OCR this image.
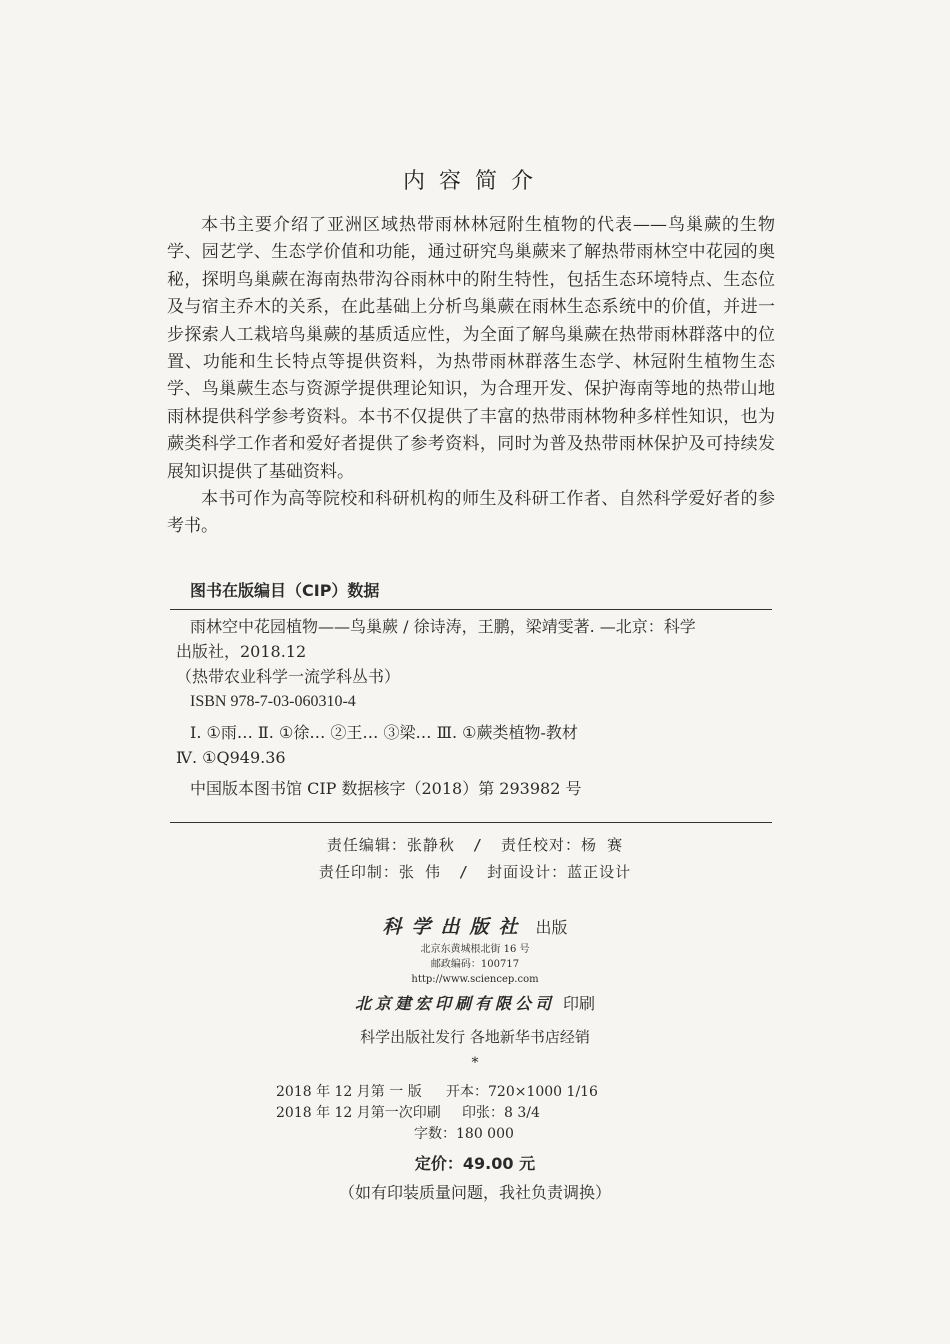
内容简介

本书主要介绍了亚洲区域热带雨林林冠附生植物的代表——鸟巢蕨的生物学、园艺学、生态学价值和功能，通过研究鸟巢蕨来了解热带雨林空中花园的奥秘，探明鸟巢蕨在海南热带沟谷雨林中的附生特性，包括生态环境特点、生态位及与宿主乔木的关系，在此基础上分析鸟巢蕨在雨林生态系统中的价值，并进一步探索人工栽培鸟巢蕨的基质适应性，为全面了解鸟巢蕨在热带雨林群落中的位置、功能和生长特点等提供资料，为热带雨林群落生态学、林冠附生植物生态学、鸟巢蕨生态与资源学提供理论知识，为合理开发、保护海南等地的热带山地雨林提供科学参考资料。本书不仅提供了丰富的热带雨林物种多样性知识，也为蕨类科学工作者和爱好者提供了参考资料，同时为普及热带雨林保护及可持续发展知识提供了基础资料。

本书可作为高等院校和科研机构的师生及科研工作者、自然科学爱好者的参考书。

图书在版编目（CIP）数据
雨林空中花园植物——鸟巢蕨 / 徐诗涛，王鹏，梁靖雯著. —北京：科学
出版社，2018.12
（热带农业科学一流学科丛书）
ISBN 978-7-03-060310-4
Ⅰ. ①雨… Ⅱ. ①徐… ②王… ③梁… Ⅲ. ①蕨类植物-教材
Ⅳ. ①Q949.36
中国版本图书馆 CIP 数据核字（2018）第 293982 号
责任编辑：张静秋 / 责任校对：杨 赛
责任印制：张 伟 / 封面设计：蓝正设计
科学出版社 出版
北京东黄城根北街 16 号
邮政编码：100717
http://www.sciencep.com
北京建宏印刷有限公司 印刷
科学出版社发行 各地新华书店经销
*
2018 年 12 月第 一 版 开本：720×1000 1/16
2018 年 12 月第一次印刷 印张：8 3/4
字数：180 000
定价：49.00 元
（如有印装质量问题，我社负责调换）
